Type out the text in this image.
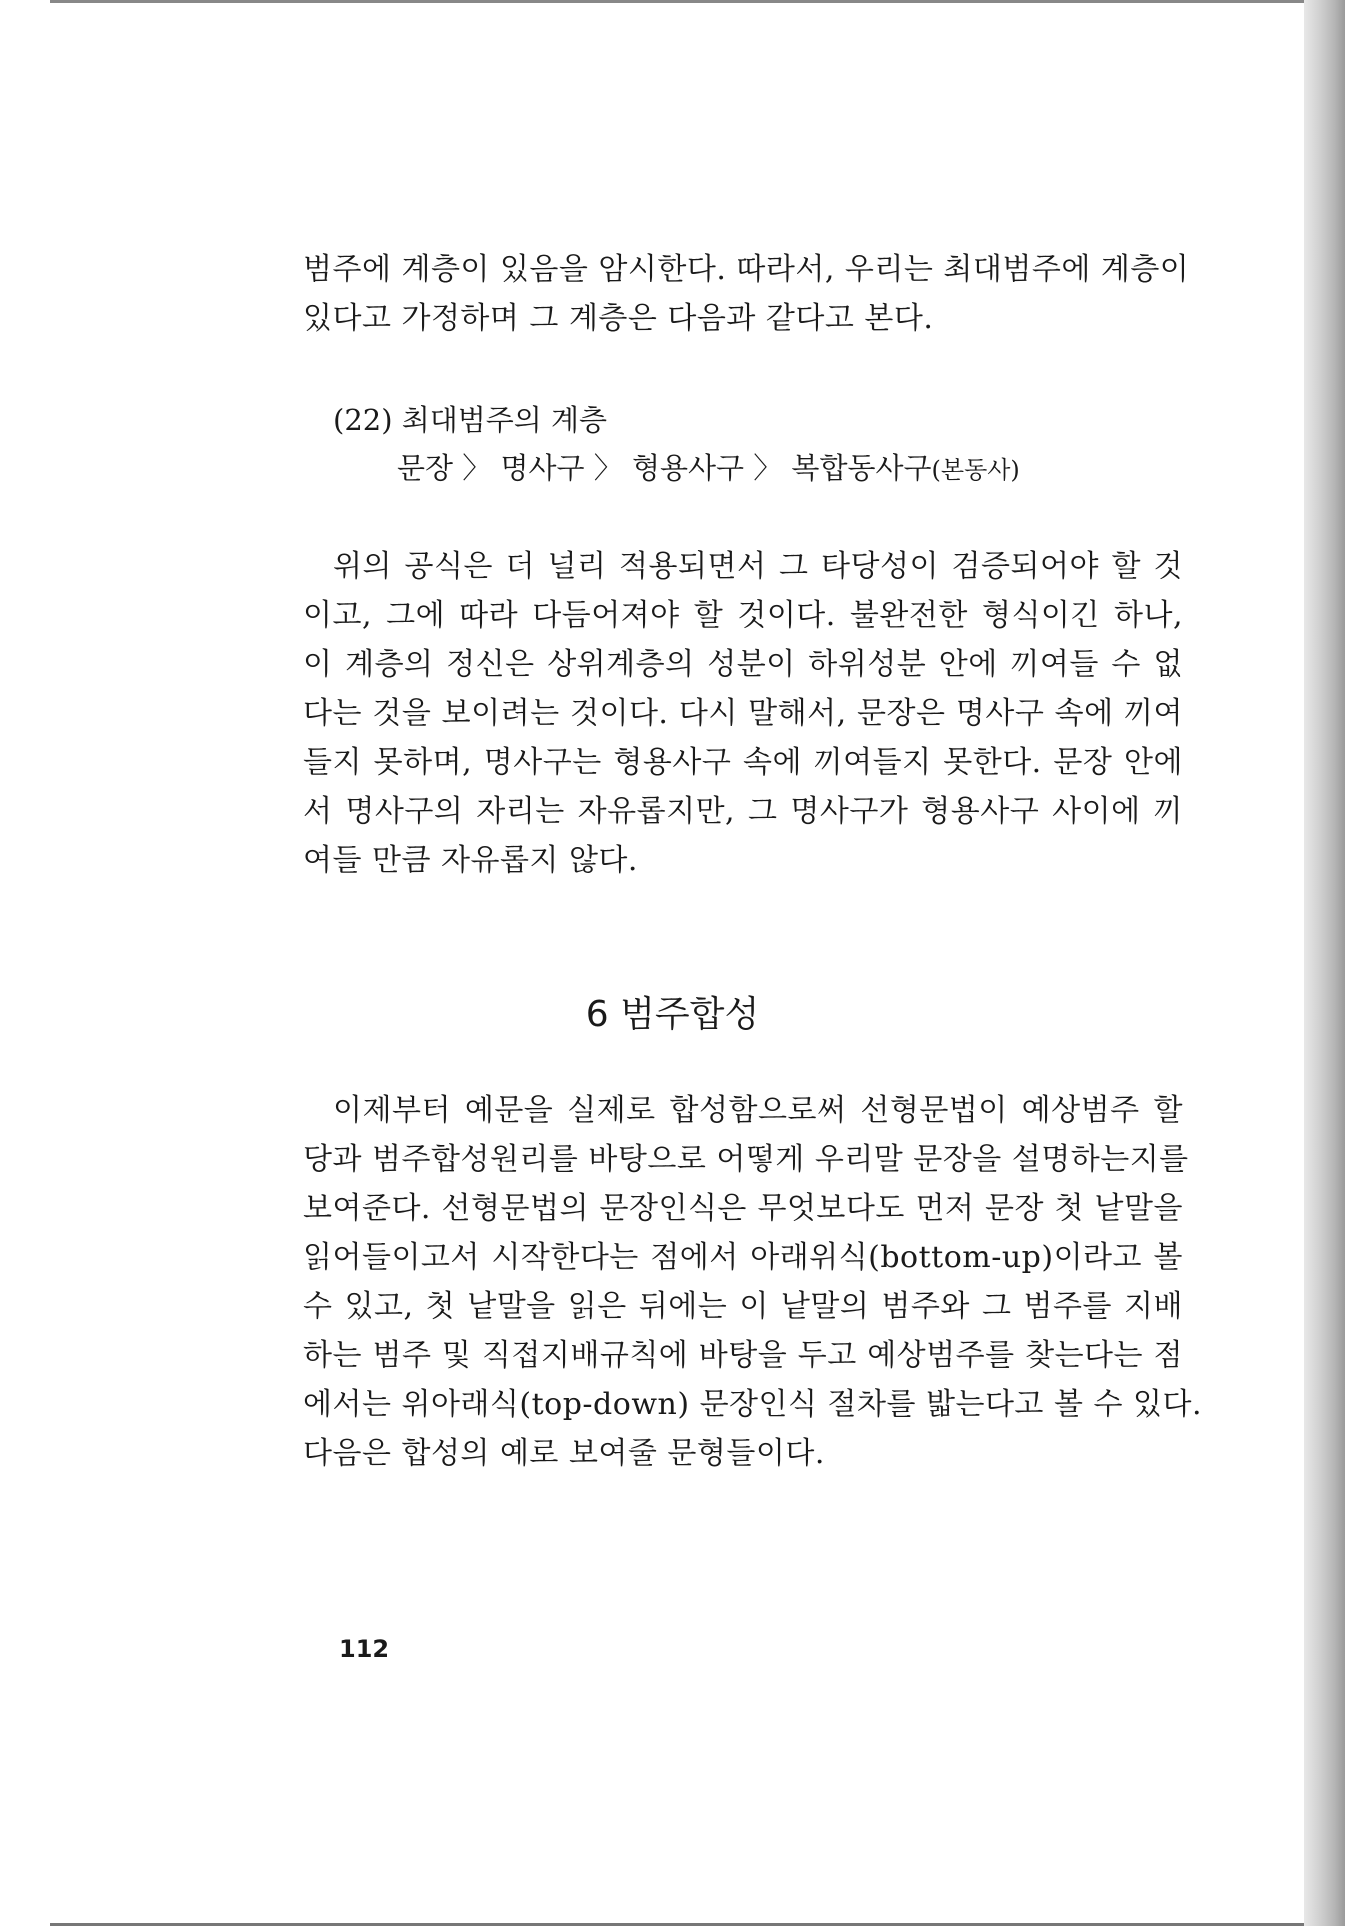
범주에 계층이 있음을 암시한다. 따라서, 우리는 최대범주에 계층이
있다고 가정하며 그 계층은 다음과 같다고 본다.
(22) 최대범주의 계층
문장 〉 명사구 〉 형용사구 〉 복합동사구(본동사)
위의 공식은 더 널리 적용되면서 그 타당성이 검증되어야 할 것
이고, 그에 따라 다듬어져야 할 것이다. 불완전한 형식이긴 하나,
이 계층의 정신은 상위계층의 성분이 하위성분 안에 끼여들 수 없
다는 것을 보이려는 것이다. 다시 말해서, 문장은 명사구 속에 끼여
들지 못하며, 명사구는 형용사구 속에 끼여들지 못한다. 문장 안에
서 명사구의 자리는 자유롭지만, 그 명사구가 형용사구 사이에 끼
여들 만큼 자유롭지 않다.
6 범주합성
이제부터 예문을 실제로 합성함으로써 선형문법이 예상범주 할
당과 범주합성원리를 바탕으로 어떻게 우리말 문장을 설명하는지를
보여준다. 선형문법의 문장인식은 무엇보다도 먼저 문장 첫 낱말을
읽어들이고서 시작한다는 점에서 아래위식(bottom-up)이라고 볼
수 있고, 첫 낱말을 읽은 뒤에는 이 낱말의 범주와 그 범주를 지배
하는 범주 및 직접지배규칙에 바탕을 두고 예상범주를 찾는다는 점
에서는 위아래식(top-down) 문장인식 절차를 밟는다고 볼 수 있다.
다음은 합성의 예로 보여줄 문형들이다.
112
